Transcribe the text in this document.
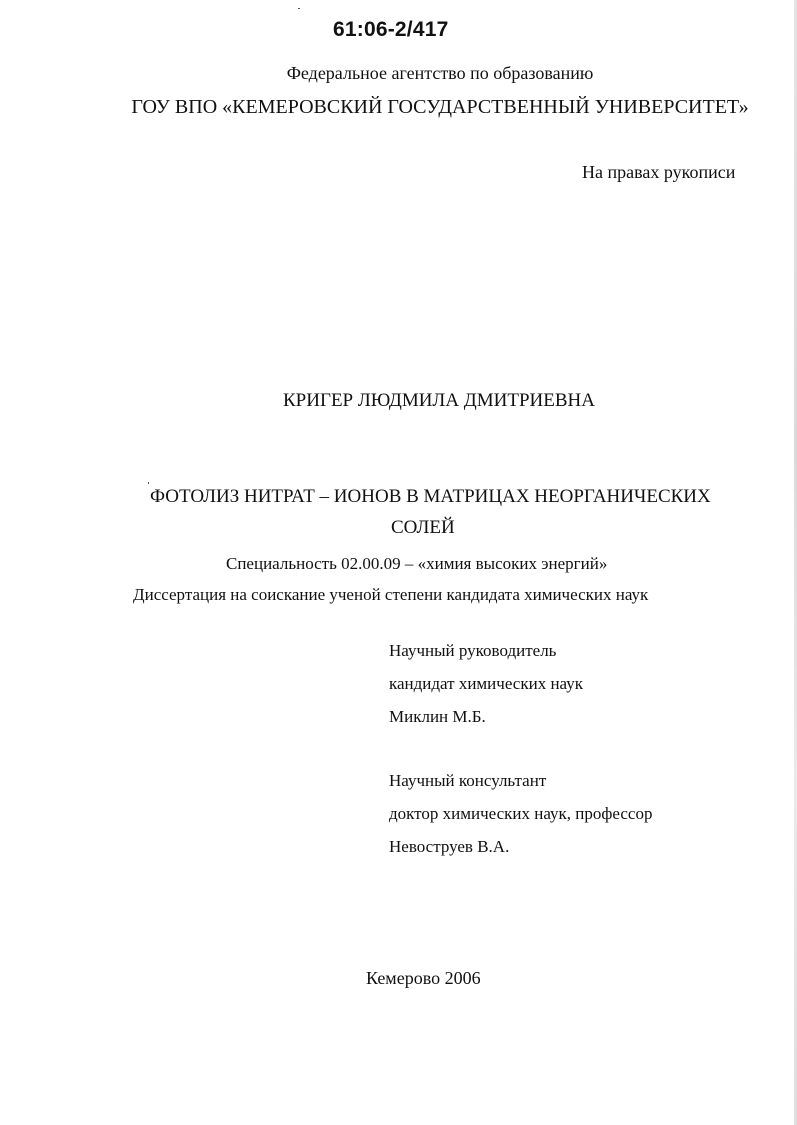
61:06-2/417
Федеральное агентство по образованию
ГОУ ВПО «КЕМЕРОВСКИЙ ГОСУДАРСТВЕННЫЙ УНИВЕРСИТЕТ»
На правах рукописи
КРИГЕР ЛЮДМИЛА ДМИТРИЕВНА
ФОТОЛИЗ НИТРАТ – ИОНОВ В МАТРИЦАХ НЕОРГАНИЧЕСКИХ
СОЛЕЙ
Специальность 02.00.09 – «химия высоких энергий»
Диссертация на соискание ученой степени кандидата химических наук
Научный руководитель
кандидат химических наук
Миклин М.Б.
Научный консультант
доктор химических наук, профессор
Невоструев В.А.
Кемерово 2006
